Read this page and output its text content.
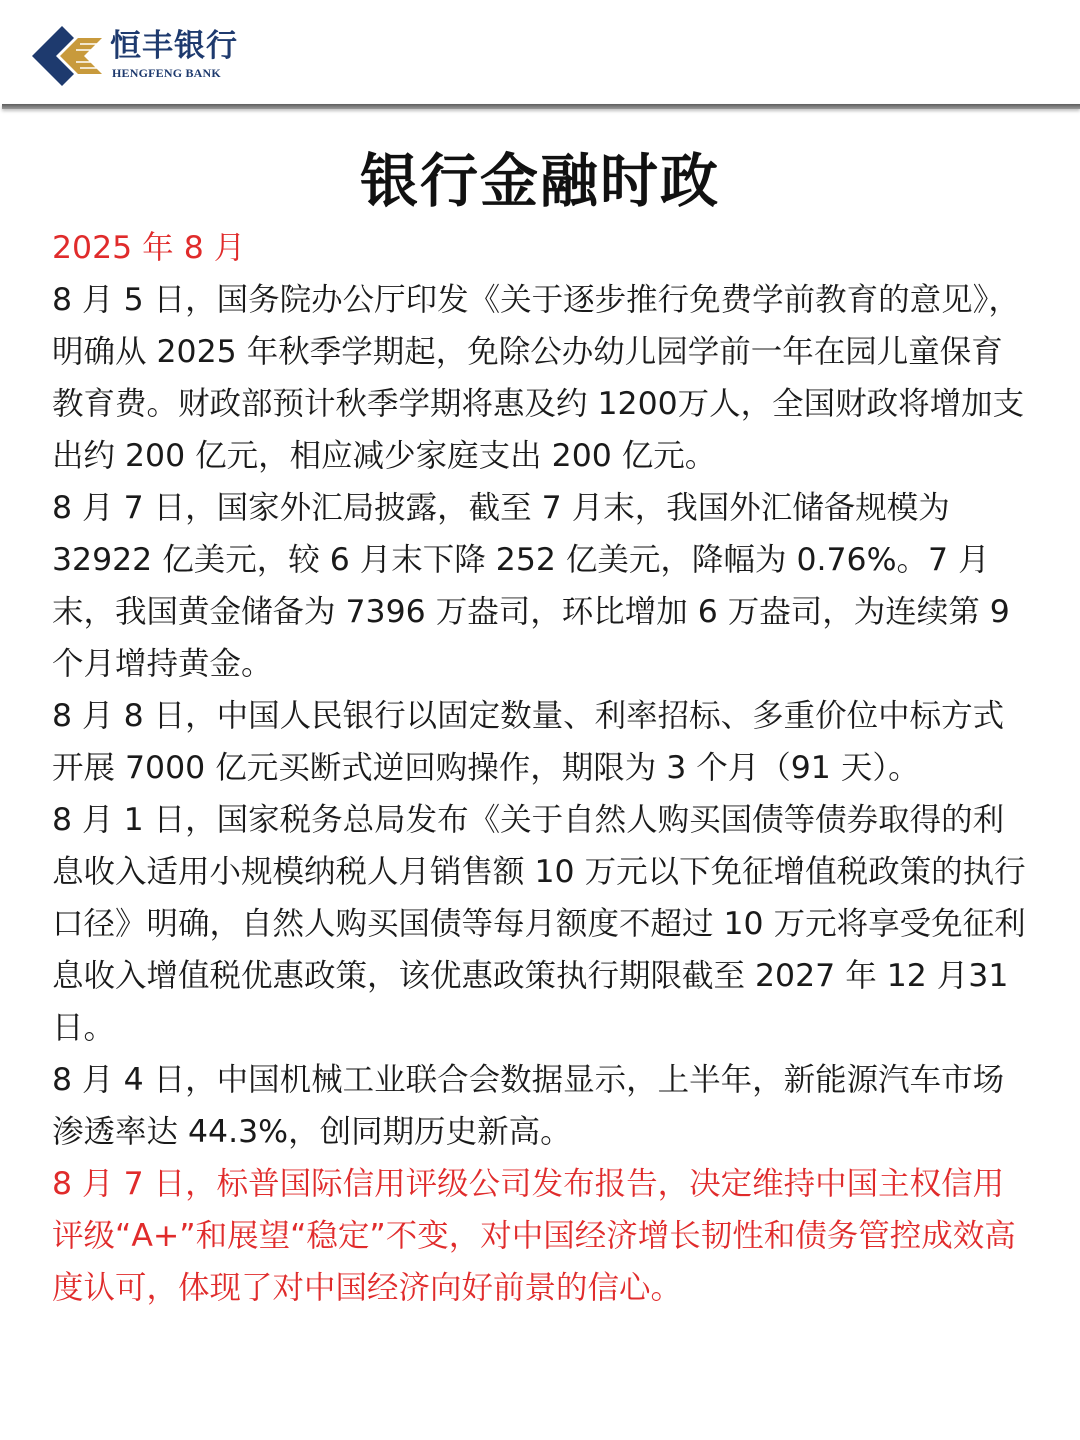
恒丰银行
HENGFENG BANK
银行金融时政
2025 年 8 月

8 月 5 日，国务院办公厅印发《关于逐步推行免费学前教育的意见》，明确从 2025 年秋季学期起，免除公办幼儿园学前一年在园儿童保育教育费。财政部预计秋季学期将惠及约 1200万人，全国财政将增加支出约 200 亿元，相应减少家庭支出 200 亿元。

8 月 7 日，国家外汇局披露，截至 7 月末，我国外汇储备规模为 32922 亿美元，较 6 月末下降 252 亿美元，降幅为 0.76%。7 月末，我国黄金储备为 7396 万盎司，环比增加 6 万盎司，为连续第 9 个月增持黄金。

8 月 8 日，中国人民银行以固定数量、利率招标、多重价位中标方式开展 7000 亿元买断式逆回购操作，期限为 3 个月（91 天）。

8 月 1 日，国家税务总局发布《关于自然人购买国债等债券取得的利息收入适用小规模纳税人月销售额 10 万元以下免征增值税政策的执行口径》明确，自然人购买国债等每月额度不超过 10 万元将享受免征利息收入增值税优惠政策，该优惠政策执行期限截至 2027 年 12 月31 日。

8 月 4 日，中国机械工业联合会数据显示，上半年，新能源汽车市场渗透率达 44.3%，创同期历史新高。

8 月 7 日，标普国际信用评级公司发布报告，决定维持中国主权信用评级“A+”和展望“稳定”不变，对中国经济增长韧性和债务管控成效高度认可，体现了对中国经济向好前景的信心。
